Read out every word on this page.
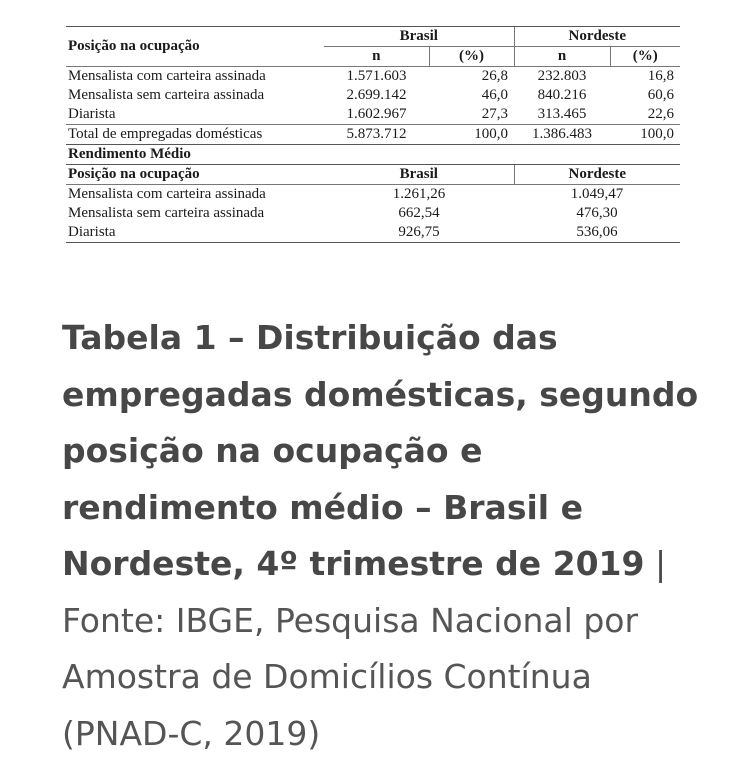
Posição na ocupação	Brasil		Nordeste	
	n	(%)	n	(%)
Mensalista com carteira assinada	1.571.603	26,8	232.803	16,8
Mensalista sem carteira assinada	2.699.142	46,0	840.216	60,6
Diarista	1.602.967	27,3	313.465	22,6
Total de empregadas domésticas	5.873.712	100,0	1.386.483	100,0
Rendimento Médio				
Posição na ocupação	Brasil		Nordeste	
Mensalista com carteira assinada	1.261,26		1.049,47	
Mensalista sem carteira assinada	662,54		476,30	
Diarista	926,75		536,06	
Tabela 1 – Distribuição das empregadas domésticas, segundo posição na ocupação e rendimento médio – Brasil e Nordeste, 4º trimestre de 2019 | Fonte: IBGE, Pesquisa Nacional por Amostra de Domicílios Contínua (PNAD-C, 2019)
